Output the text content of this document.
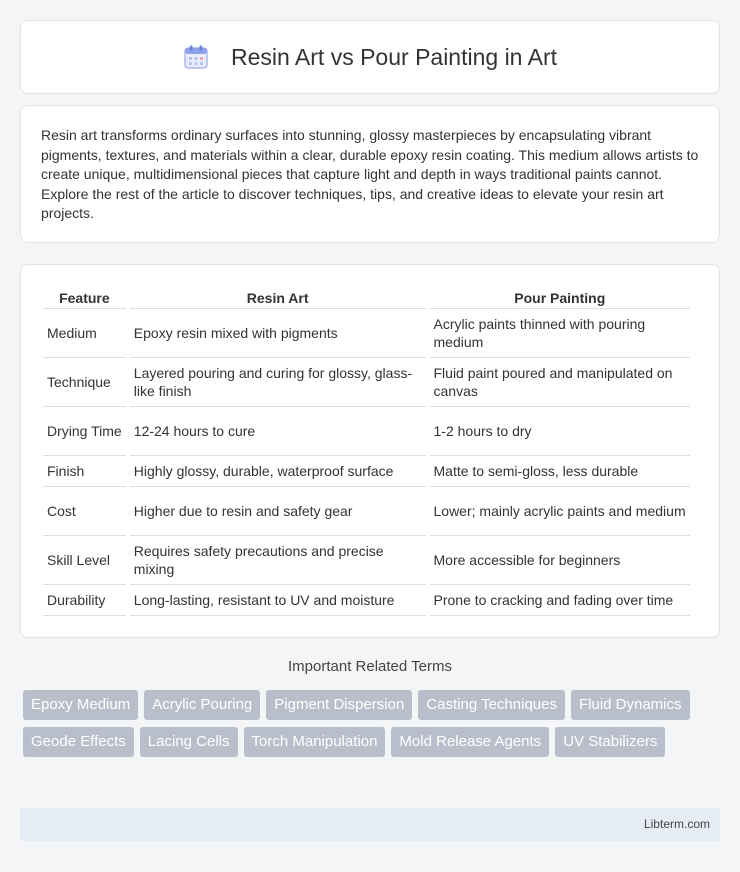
Resin Art vs Pour Painting in Art

Resin art transforms ordinary surfaces into stunning, glossy masterpieces by encapsulating vibrant pigments, textures, and materials within a clear, durable epoxy resin coating. This medium allows artists to create unique, multidimensional pieces that capture light and depth in ways traditional paints cannot. Explore the rest of the article to discover techniques, tips, and creative ideas to elevate your resin art projects.

Feature	Resin Art	Pour Painting
Medium	Epoxy resin mixed with pigments	Acrylic paints thinned with pouring medium
Technique	Layered pouring and curing for glossy, glass-like finish	Fluid paint poured and manipulated on canvas
Drying Time	12-24 hours to cure	1-2 hours to dry
Finish	Highly glossy, durable, waterproof surface	Matte to semi-gloss, less durable
Cost	Higher due to resin and safety gear	Lower; mainly acrylic paints and medium
Skill Level	Requires safety precautions and precise mixing	More accessible for beginners
Durability	Long-lasting, resistant to UV and moisture	Prone to cracking and fading over time
Important Related Terms
Epoxy Medium	Acrylic Pouring	Pigment Dispersion	Casting Techniques	Fluid Dynamics
Geode Effects	Lacing Cells	Torch Manipulation	Mold Release Agents	UV Stabilizers
Libterm.com
